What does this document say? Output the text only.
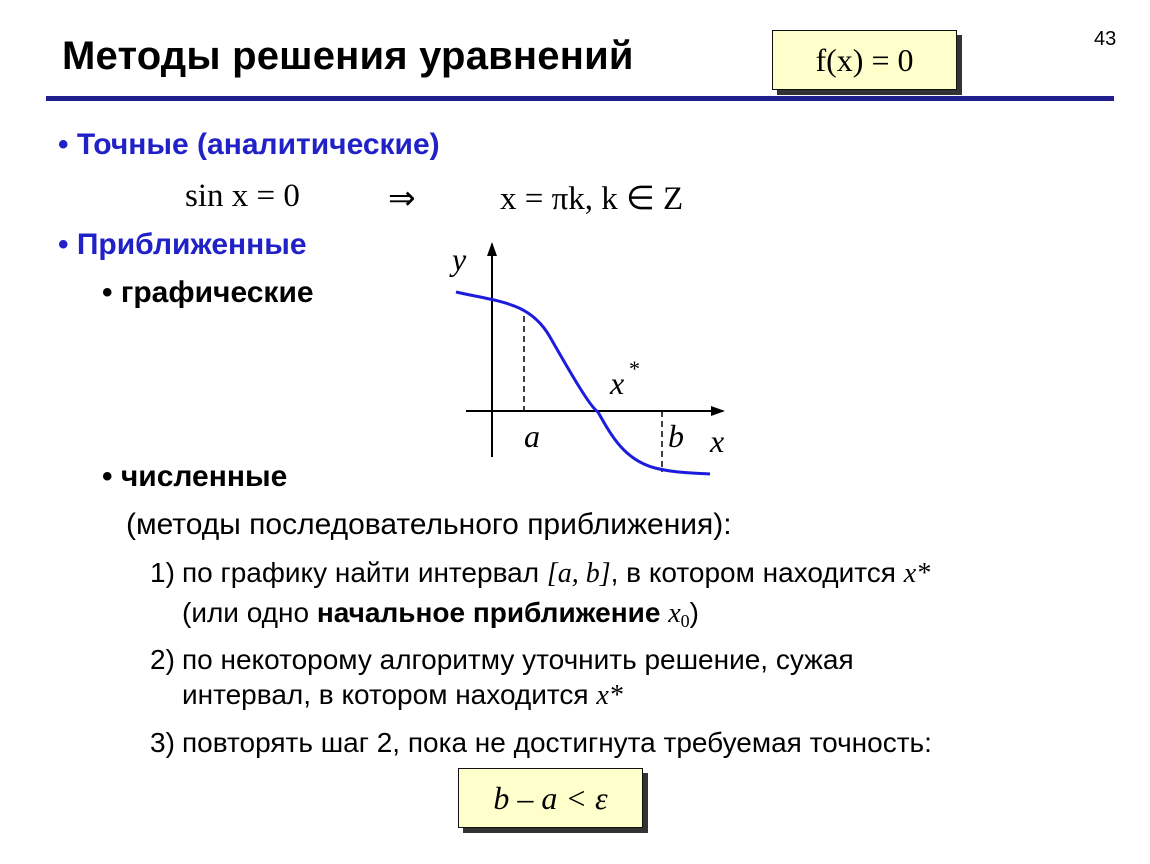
Методы решения уравнений	f(x) = 0
43
• Точные (аналитические)
sin x = 0	⇒	x = πk, k ∈ Z
• Приближенные
• графические
y
x
a	b
x *
• численные
(методы последовательного приближения):
1) по графику найти интервал [a, b], в котором находится x*
(или одно начальное приближение $x_0$)
2) по некоторому алгоритму уточнить решение, сужая
интервал, в котором находится x*
3) повторять шаг 2, пока не достигнута требуемая точность:
b – a < ε
